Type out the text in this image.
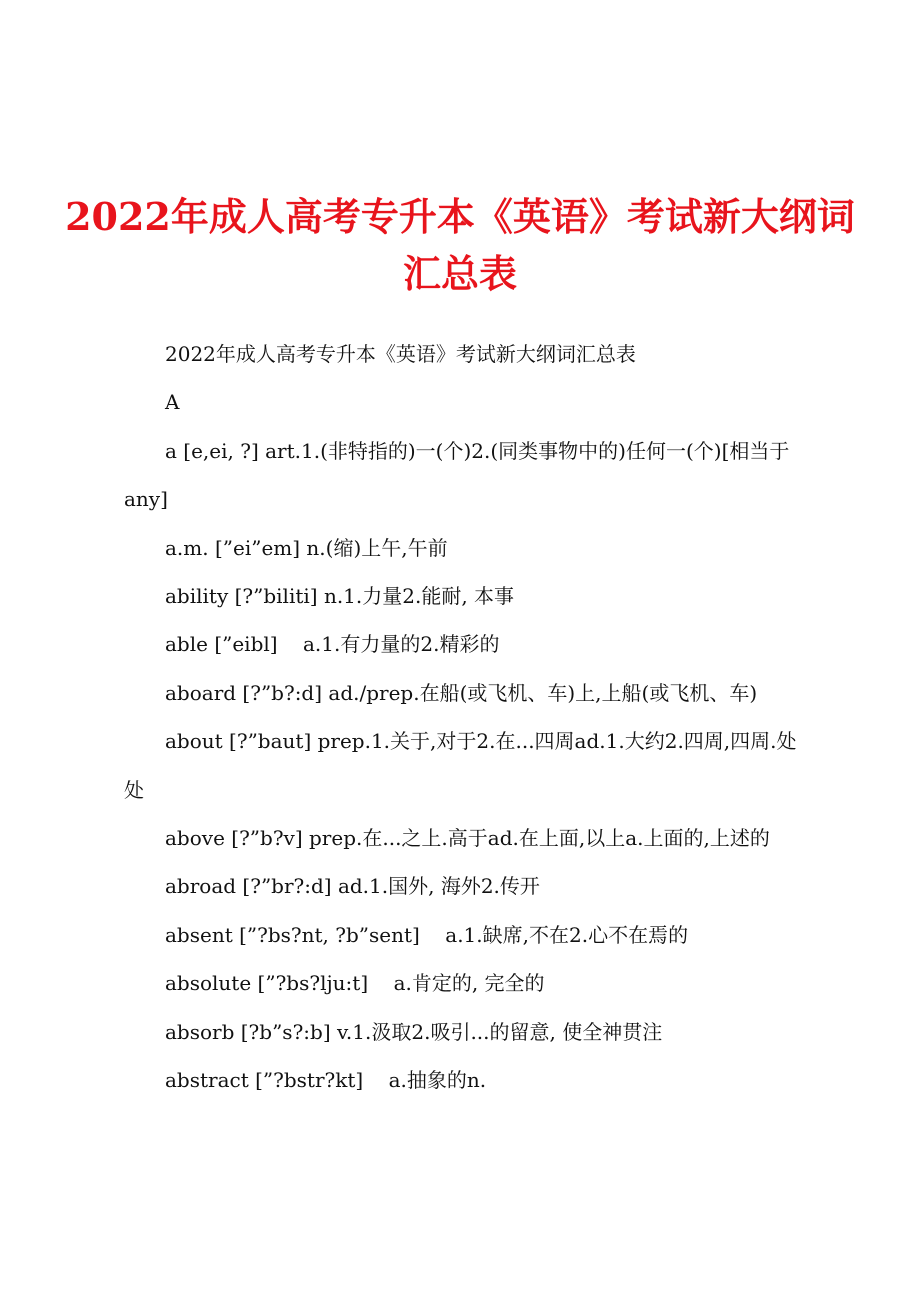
2022年成人高考专升本《英语》考试新大纲词汇总表

2022年成人高考专升本《英语》考试新大纲词汇总表

A

a [e,ei, ?] art.1.(非特指的)一(个)2.(同类事物中的)任何一(个)[相当于any]

a.m. [”ei”em] n.(缩)上午,午前

ability [?”biliti] n.1.力量2.能耐, 本事

able [”eibl]    a.1.有力量的2.精彩的

aboard [?”b?:d] ad./prep.在船(或飞机、车)上,上船(或飞机、车)

about [?”baut] prep.1.关于,对于2.在...四周ad.1.大约2.四周,四周.处处

above [?”b?v] prep.在...之上.高于ad.在上面,以上a.上面的,上述的

abroad [?”br?:d] ad.1.国外, 海外2.传开

absent [”?bs?nt, ?b”sent]    a.1.缺席,不在2.心不在焉的

absolute [”?bs?lju:t]    a.肯定的, 完全的

absorb [?b”s?:b] v.1.汲取2.吸引...的留意, 使全神贯注

abstract [”?bstr?kt]    a.抽象的n.
